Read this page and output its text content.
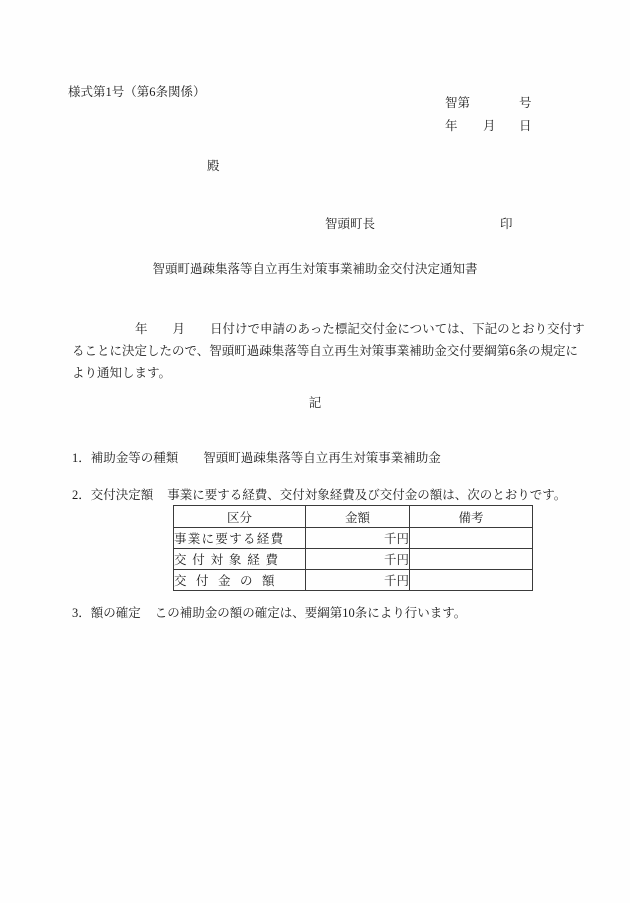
様式第1号（第6条関係）
智第	号
年 月 日
殿
智頭町長	印
智頭町過疎集落等自立再生対策事業補助金交付決定通知書
年　　月　　日付けで申請のあった標記交付金については、下記のとおり交付す
ることに決定したので、智頭町過疎集落等自立再生対策事業補助金交付要綱第6条の規定に
より通知します。
記
1．補助金等の種類 智頭町過疎集落等自立再生対策事業補助金
2．交付決定額 事業に要する経費、交付対象経費及び交付金の額は、次のとおりです。
3．額の確定 この補助金の額の確定は、要綱第10条により行います。
区分	金額	備考
事業に要する経費	千円	
交付対象経費	千円	
交付金の額	千円	
